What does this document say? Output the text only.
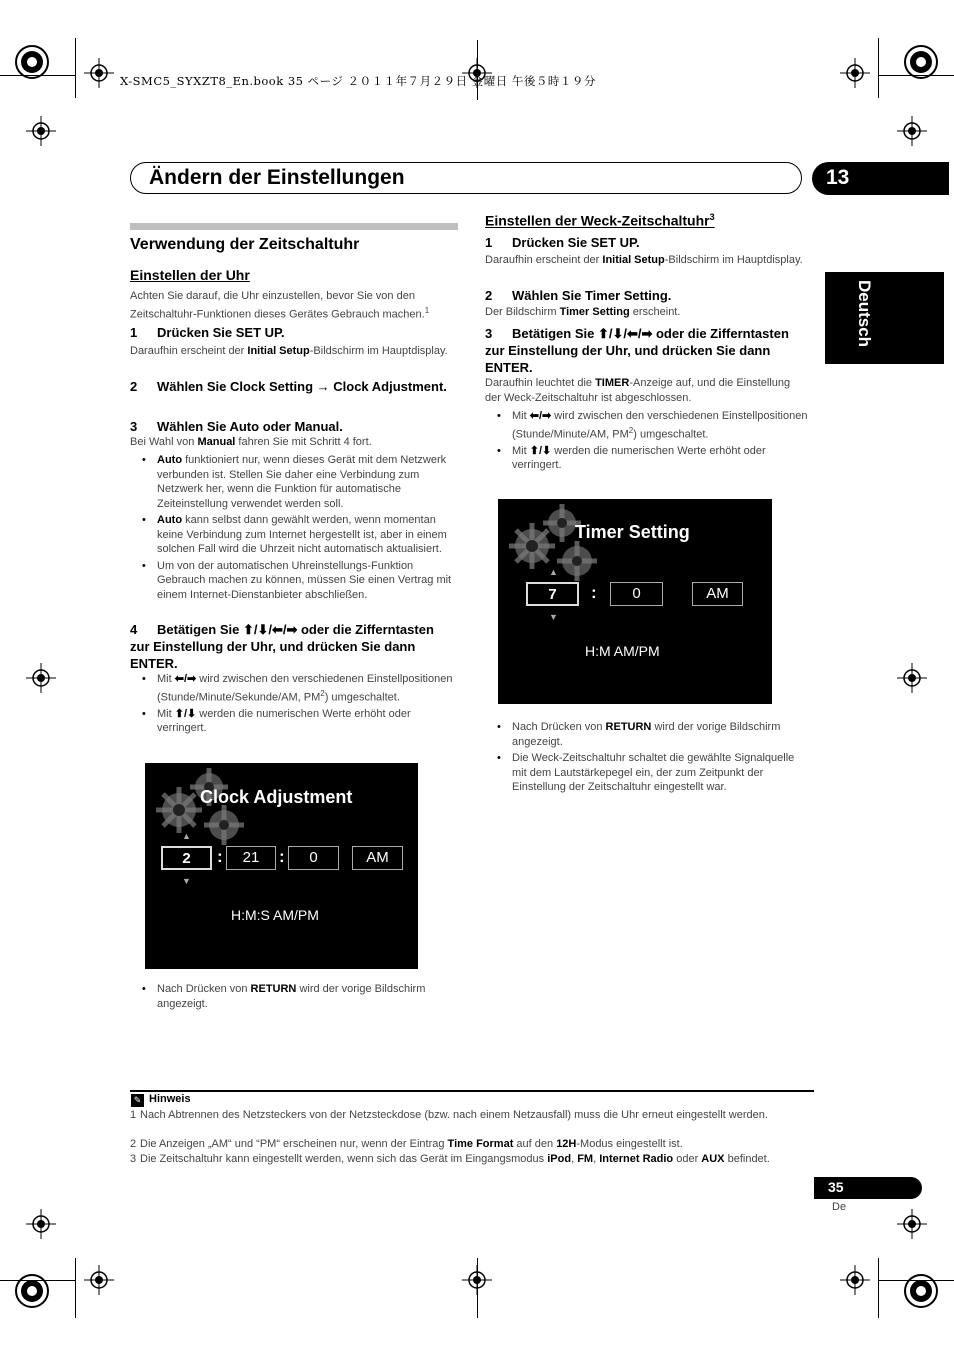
X-SMC5_SYXZT8_En.book 35 ページ ２０１１年７月２９日 金曜日 午後５時１９分
Ändern der Einstellungen	13
Deutsch
Verwendung der Zeitschaltuhr
Einstellen der Uhr
Achten Sie darauf, die Uhr einzustellen, bevor Sie von den Zeitschaltuhr-Funktionen dieses Gerätes Gebrauch machen.$^1$
1 Drücken Sie SET UP.
Daraufhin erscheint der Initial Setup-Bildschirm im Hauptdisplay.
2 Wählen Sie Clock Setting → Clock Adjustment.
3 Wählen Sie Auto oder Manual.
Bei Wahl von Manual fahren Sie mit Schritt 4 fort.
• Auto funktioniert nur, wenn dieses Gerät mit dem Netzwerk verbunden ist. Stellen Sie daher eine Verbindung zum Netzwerk her, wenn die Funktion für automatische Zeiteinstellung verwendet werden soll.
• Auto kann selbst dann gewählt werden, wenn momentan keine Verbindung zum Internet hergestellt ist, aber in einem solchen Fall wird die Uhrzeit nicht automatisch aktualisiert.
• Um von der automatischen Uhreinstellungs-Funktion Gebrauch machen zu können, müssen Sie einen Vertrag mit einem Internet-Dienstanbieter abschließen.
4 Betätigen Sie ⬆/⬇/⬅/➡ oder die Zifferntasten zur Einstellung der Uhr, und drücken Sie dann ENTER.
• Mit ⬅/➡ wird zwischen den verschiedenen Einstellpositionen (Stunde/Minute/Sekunde/AM, $PM^2$) umgeschaltet.
• Mit ⬆/⬇ werden die numerischen Werte erhöht oder verringert.
Clock Adjustment
▲
2	:	21	:	0	AM
▼
H:M:S AM/PM
• Nach Drücken von RETURN wird der vorige Bildschirm angezeigt.
Einstellen der Weck-Zeitschaltuhr$^3$
1 Drücken Sie SET UP.
Daraufhin erscheint der Initial Setup-Bildschirm im Hauptdisplay.
2 Wählen Sie Timer Setting.
Der Bildschirm Timer Setting erscheint.
3 Betätigen Sie ⬆/⬇/⬅/➡ oder die Zifferntasten zur Einstellung der Uhr, und drücken Sie dann ENTER.
Daraufhin leuchtet die TIMER-Anzeige auf, und die Einstellung der Weck-Zeitschaltuhr ist abgeschlossen.
• Mit ⬅/➡ wird zwischen den verschiedenen Einstellpositionen (Stunde/Minute/AM, $PM^2$) umgeschaltet.
• Mit ⬆/⬇ werden die numerischen Werte erhöht oder verringert.
Timer Setting
▲
7	:	0	AM
▼
H:M AM/PM
• Nach Drücken von RETURN wird der vorige Bildschirm angezeigt.
• Die Weck-Zeitschaltuhr schaltet die gewählte Signalquelle mit dem Lautstärkepegel ein, der zum Zeitpunkt der Einstellung der Zeitschaltuhr eingestellt war.
✎ Hinweis
1 Nach Abtrennen des Netzsteckers von der Netzsteckdose (bzw. nach einem Netzausfall) muss die Uhr erneut eingestellt werden.
2 Die Anzeigen „AM“ und “PM“ erscheinen nur, wenn der Eintrag Time Format auf den 12H-Modus eingestellt ist.
3 Die Zeitschaltuhr kann eingestellt werden, wenn sich das Gerät im Eingangsmodus iPod, FM, Internet Radio oder AUX befindet.
35
De
